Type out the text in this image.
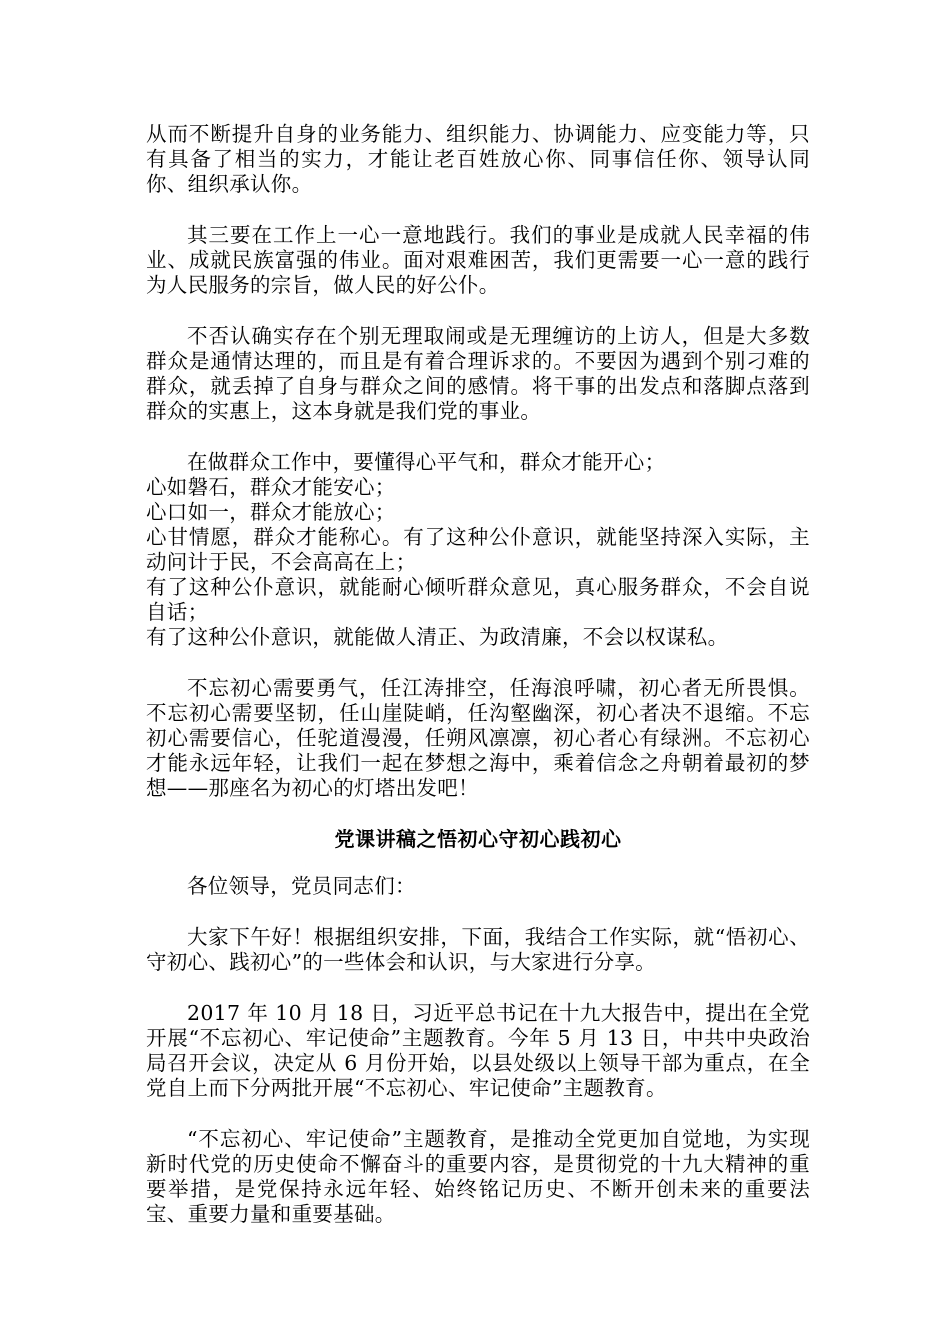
从而不断提升自身的业务能力、组织能力、协调能力、应变能力等，只有具备了相当的实力，才能让老百姓放心你、同事信任你、领导认同你、组织承认你。

其三要在工作上一心一意地践行。我们的事业是成就人民幸福的伟业、成就民族富强的伟业。面对艰难困苦，我们更需要一心一意的践行为人民服务的宗旨，做人民的好公仆。

不否认确实存在个别无理取闹或是无理缠访的上访人，但是大多数群众是通情达理的，而且是有着合理诉求的。不要因为遇到个别刁难的群众，就丢掉了自身与群众之间的感情。将干事的出发点和落脚点落到群众的实惠上，这本身就是我们党的事业。

在做群众工作中，要懂得心平气和，群众才能开心；

心如磐石，群众才能安心；

心口如一，群众才能放心；

心甘情愿，群众才能称心。有了这种公仆意识，就能坚持深入实际，主动问计于民，不会高高在上；

有了这种公仆意识，就能耐心倾听群众意见，真心服务群众，不会自说自话；

有了这种公仆意识，就能做人清正、为政清廉，不会以权谋私。

不忘初心需要勇气，任江涛排空，任海浪呼啸，初心者无所畏惧。不忘初心需要坚韧，任山崖陡峭，任沟壑幽深，初心者决不退缩。不忘初心需要信心，任驼道漫漫，任朔风凛凛，初心者心有绿洲。不忘初心才能永远年轻，让我们一起在梦想之海中，乘着信念之舟朝着最初的梦想——那座名为初心的灯塔出发吧！

党课讲稿之悟初心守初心践初心

各位领导，党员同志们：

大家下午好！根据组织安排，下面，我结合工作实际，就“悟初心、守初心、践初心”的一些体会和认识，与大家进行分享。

2017 年 10 月 18 日，习近平总书记在十九大报告中，提出在全党开展“不忘初心、牢记使命”主题教育。今年 5 月 13 日，中共中央政治局召开会议，决定从 6 月份开始，以县处级以上领导干部为重点，在全党自上而下分两批开展“不忘初心、牢记使命”主题教育。

“不忘初心、牢记使命”主题教育，是推动全党更加自觉地，为实现新时代党的历史使命不懈奋斗的重要内容，是贯彻党的十九大精神的重要举措，是党保持永远年轻、始终铭记历史、不断开创未来的重要法宝、重要力量和重要基础。
